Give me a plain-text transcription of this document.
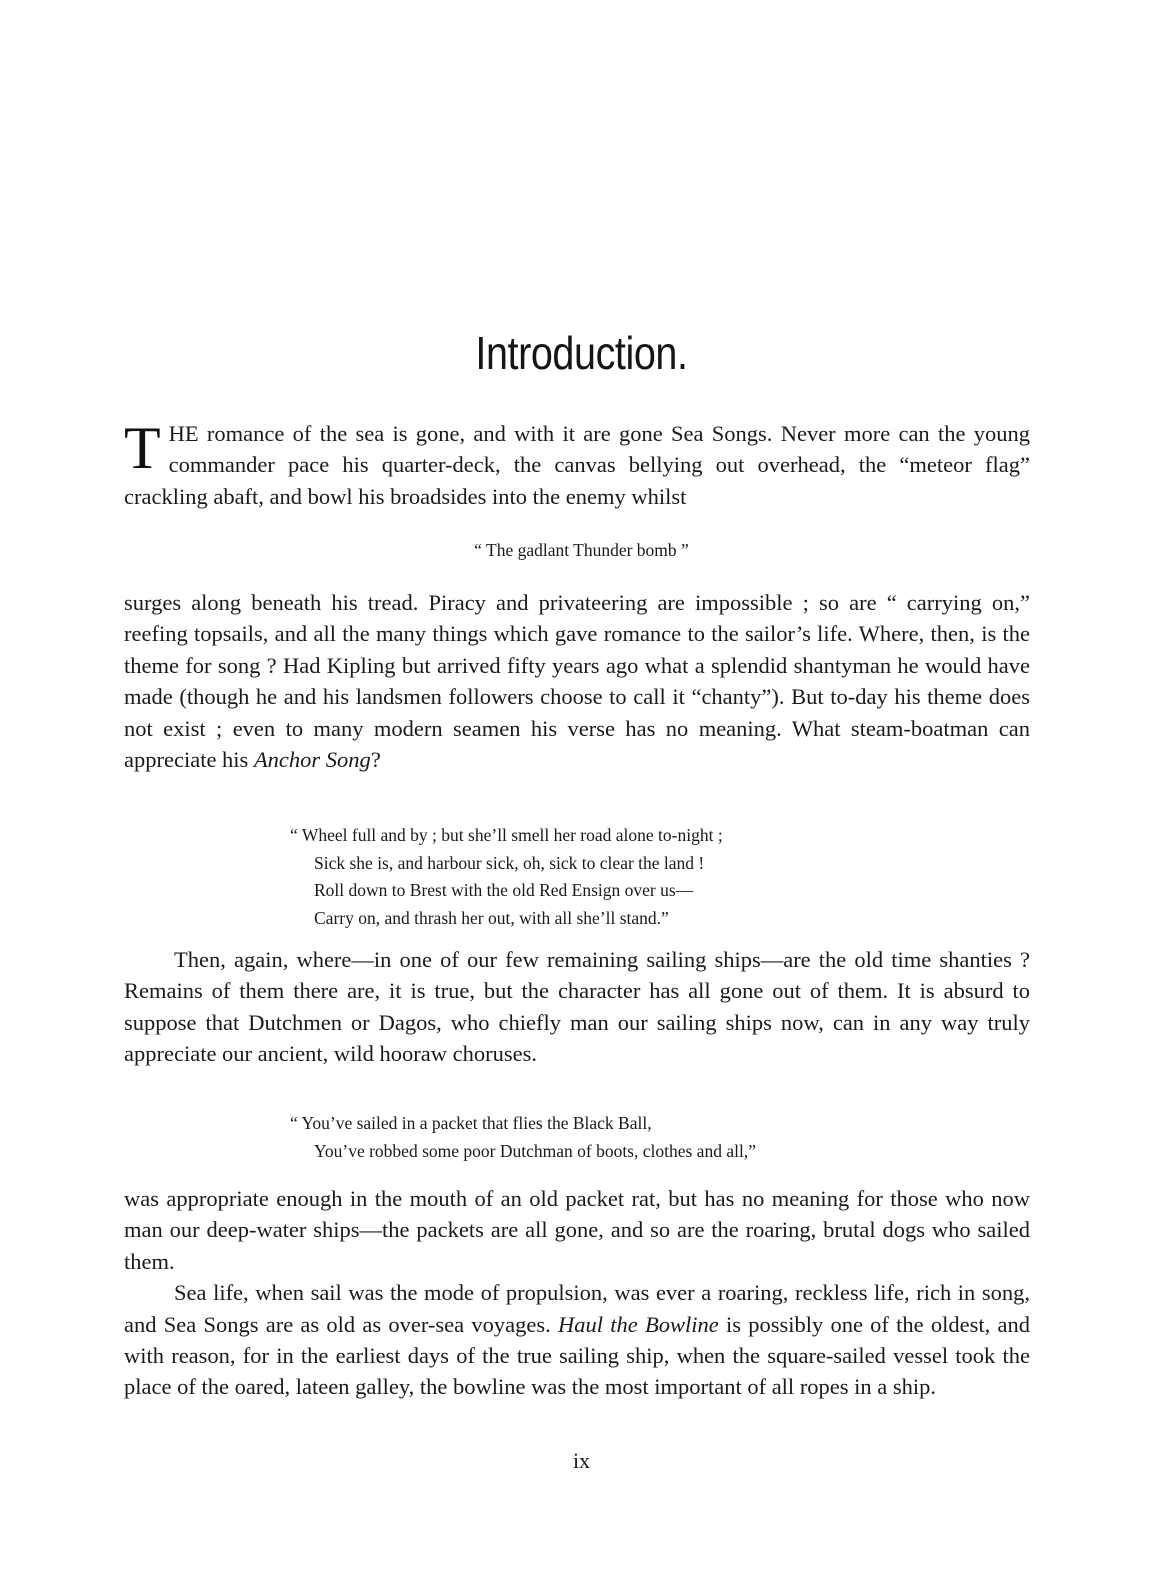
Introduction.

THE romance of the sea is gone, and with it are gone Sea Songs. Never more can the young commander pace his quarter-deck, the canvas bellying out overhead, the “meteor flag” crackling abaft, and bowl his broadsides into the enemy whilst

“ The gadlant Thunder bomb ”

surges along beneath his tread. Piracy and privateering are impossible ; so are “ carrying on,” reefing topsails, and all the many things which gave romance to the sailor’s life. Where, then, is the theme for song ? Had Kipling but arrived fifty years ago what a splendid shantyman he would have made (though he and his landsmen followers choose to call it “chanty”). But to-day his theme does not exist ; even to many modern seamen his verse has no meaning. What steam-boatman can appreciate his Anchor Song?

“ Wheel full and by ; but she’ll smell her road alone to-night ;
Sick she is, and harbour sick, oh, sick to clear the land !
Roll down to Brest with the old Red Ensign over us—
Carry on, and thrash her out, with all she’ll stand.”

Then, again, where—in one of our few remaining sailing ships—are the old time shanties ? Remains of them there are, it is true, but the character has all gone out of them. It is absurd to suppose that Dutchmen or Dagos, who chiefly man our sailing ships now, can in any way truly appreciate our ancient, wild hooraw choruses.

“ You’ve sailed in a packet that flies the Black Ball,
You’ve robbed some poor Dutchman of boots, clothes and all,”

was appropriate enough in the mouth of an old packet rat, but has no meaning for those who now man our deep-water ships—the packets are all gone, and so are the roaring, brutal dogs who sailed them.

Sea life, when sail was the mode of propulsion, was ever a roaring, reckless life, rich in song, and Sea Songs are as old as over-sea voyages. Haul the Bowline is possibly one of the oldest, and with reason, for in the earliest days of the true sailing ship, when the square-sailed vessel took the place of the oared, lateen galley, the bowline was the most important of all ropes in a ship.

ix
